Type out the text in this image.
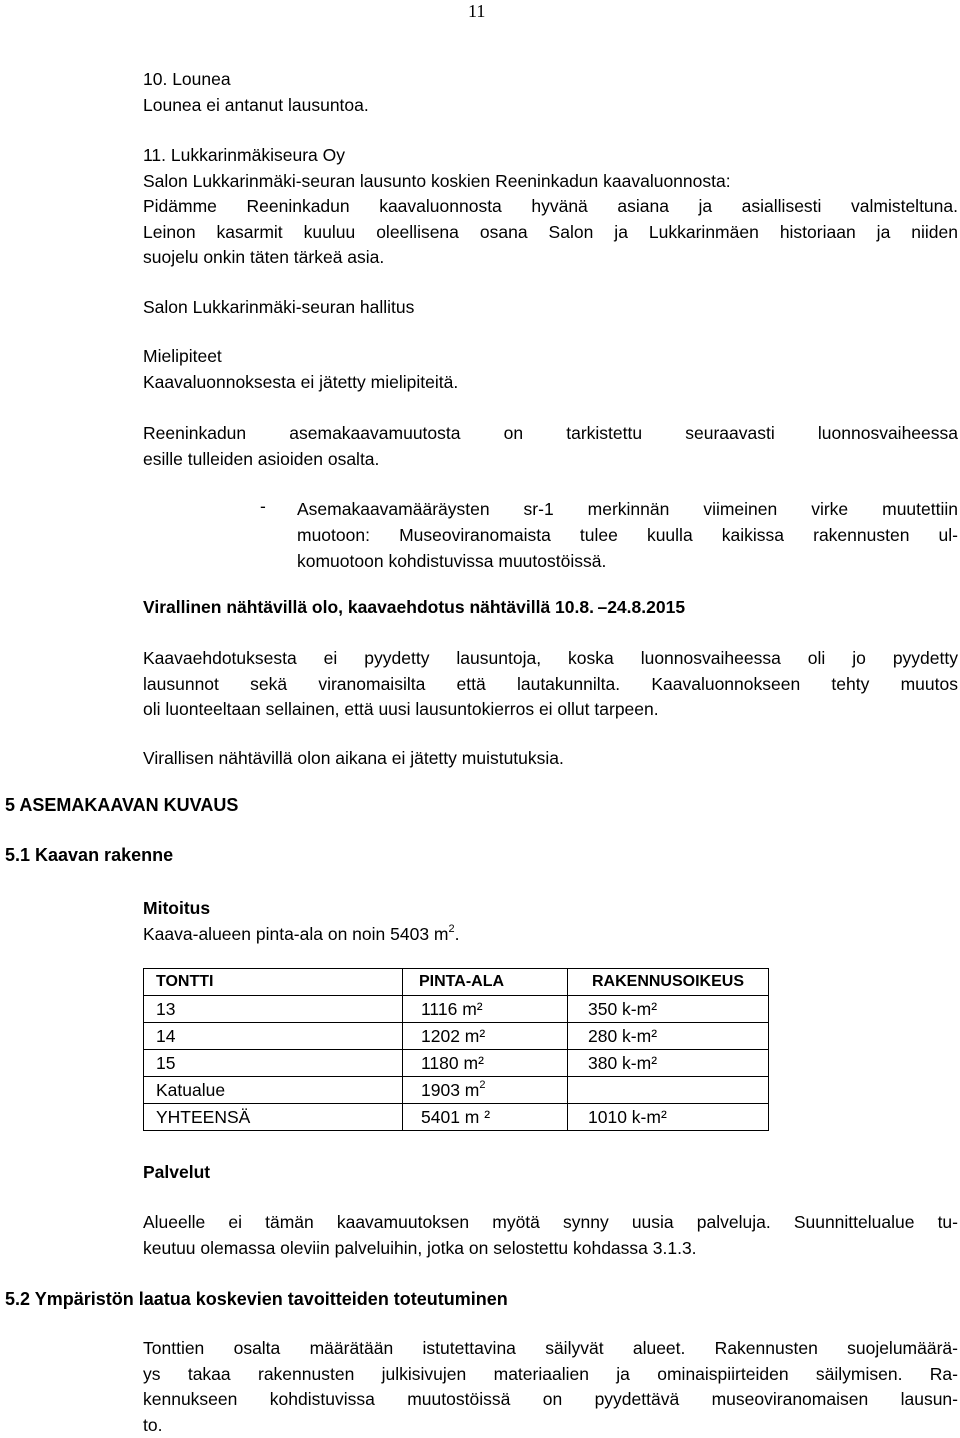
11
10. Lounea
Lounea ei antanut lausuntoa.
11. Lukkarinmäkiseura Oy
Salon Lukkarinmäki-seuran lausunto koskien Reeninkadun kaavaluonnosta:
Pidämme Reeninkadun kaavaluonnosta hyvänä asiana ja asiallisesti valmisteltuna.
Leinon kasarmit kuuluu oleellisena osana Salon ja Lukkarinmäen historiaan ja niiden
suojelu onkin täten tärkeä asia.
Salon Lukkarinmäki-seuran hallitus
Mielipiteet
Kaavaluonnoksesta ei jätetty mielipiteitä.
Reeninkadun asemakaavamuutosta on tarkistettu seuraavasti luonnosvaiheessa
esille tulleiden asioiden osalta.
- Asemakaavamääräysten sr-1 merkinnän viimeinen virke muutettiin
muotoon: Museoviranomaista tulee kuulla kaikissa rakennusten ul-
komuotoon kohdistuvissa muutostöissä.
Virallinen nähtävillä olo, kaavaehdotus nähtävillä 10.8. –24.8.2015
Kaavaehdotuksesta ei pyydetty lausuntoja, koska luonnosvaiheessa oli jo pyydetty
lausunnot sekä viranomaisilta että lautakunnilta. Kaavaluonnokseen tehty muutos
oli luonteeltaan sellainen, että uusi lausuntokierros ei ollut tarpeen.
Virallisen nähtävillä olon aikana ei jätetty muistutuksia.
5 ASEMAKAAVAN KUVAUS
5.1 Kaavan rakenne
Mitoitus
Kaava-alueen pinta-ala on noin 5403 $m^2$.
TONTTI	PINTA-ALA	RAKENNUSOIKEUS
13	1116 m²	350 k-m²
14	1202 m²	280 k-m²
15	1180 m²	380 k-m²
Katualue	1903 $m^2$	
YHTEENSÄ	5401 m ²	1010 k-m²
Palvelut
Alueelle ei tämän kaavamuutoksen myötä synny uusia palveluja. Suunnittelualue tu-
keutuu olemassa oleviin palveluihin, jotka on selostettu kohdassa 3.1.3.
5.2 Ympäristön laatua koskevien tavoitteiden toteutuminen
Tonttien osalta määrätään istutettavina säilyvät alueet. Rakennusten suojelumäärä-
ys takaa rakennusten julkisivujen materiaalien ja ominaispiirteiden säilymisen. Ra-
kennukseen kohdistuvissa muutostöissä on pyydettävä museoviranomaisen lausun-
to.
